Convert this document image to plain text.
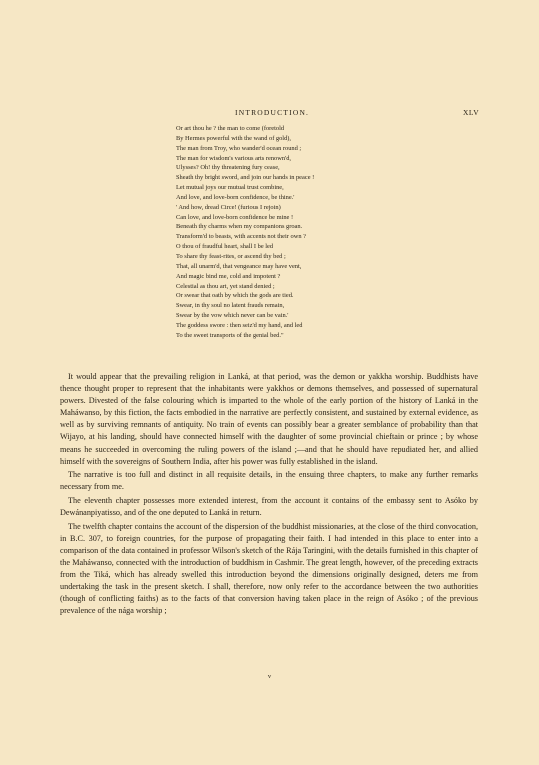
INTRODUCTION.	XLV
Or art thou he ? the man to come (foretold
By Hermes powerful with the wand of gold),
The man from Troy, who wander'd ocean round ;
The man for wisdom's various arts renown'd,
Ulysses? Oh! thy threatening fury cease,
Sheath thy bright sword, and join our hands in peace !
Let mutual joys our mutual trust combine,
And love, and love-born confidence, be thine.'
' And how, dread Circe! (furious I rejoin)
Can love, and love-born confidence be mine !
Beneath thy charms when my companions groan.
Transform'd to beasts, with accents not their own ?
O thou of fraudful heart, shall I be led
To share thy feast-rites, or ascend thy bed ;
That, all unarm'd, that vengeance may have vent,
And magic bind me, cold and impotent ?
Celestial as thou art, yet stand denied ;
Or swear that oath by which the gods are tied.
Swear, in thy soul no latent frauds remain,
Swear by the vow which never can be vain.'
The goddess swore : then seiz'd my hand, and led
To the sweet transports of the genial bed."

It would appear that the prevailing religion in Lanká, at that period, was the demon or yakkha worship. Buddhists have thence thought proper to represent that the inhabitants were yakkhos or demons themselves, and possessed of supernatural powers. Divested of the false colouring which is imparted to the whole of the early portion of the history of Lanká in the Maháwanso, by this fiction, the facts embodied in the narrative are perfectly consistent, and sustained by external evidence, as well as by surviving remnants of antiquity. No train of events can possibly bear a greater semblance of probability than that Wijayo, at his landing, should have connected himself with the daughter of some provincial chieftain or prince ; by whose means he succeeded in overcoming the ruling powers of the island ;—and that he should have repudiated her, and allied himself with the sovereigns of Southern India, after his power was fully established in the island.

The narrative is too full and distinct in all requisite details, in the ensuing three chapters, to make any further remarks necessary from me.

The eleventh chapter possesses more extended interest, from the account it contains of the embassy sent to Asóko by Dewánanpiyatisso, and of the one deputed to Lanká in return.

The twelfth chapter contains the account of the dispersion of the buddhist missionaries, at the close of the third convocation, in B.C. 307, to foreign countries, for the purpose of propagating their faith. I had intended in this place to enter into a comparison of the data contained in professor Wilson's sketch of the Rája Taringini, with the details furnished in this chapter of the Maháwanso, connected with the introduction of buddhism in Cashmir. The great length, however, of the preceding extracts from the Tiká, which has already swelled this introduction beyond the dimensions originally designed, deters me from undertaking the task in the present sketch. I shall, therefore, now only refer to the accordance between the two authorities (though of conflicting faiths) as to the facts of that conversion having taken place in the reign of Asóko ; of the previous prevalence of the nága worship ;

v
